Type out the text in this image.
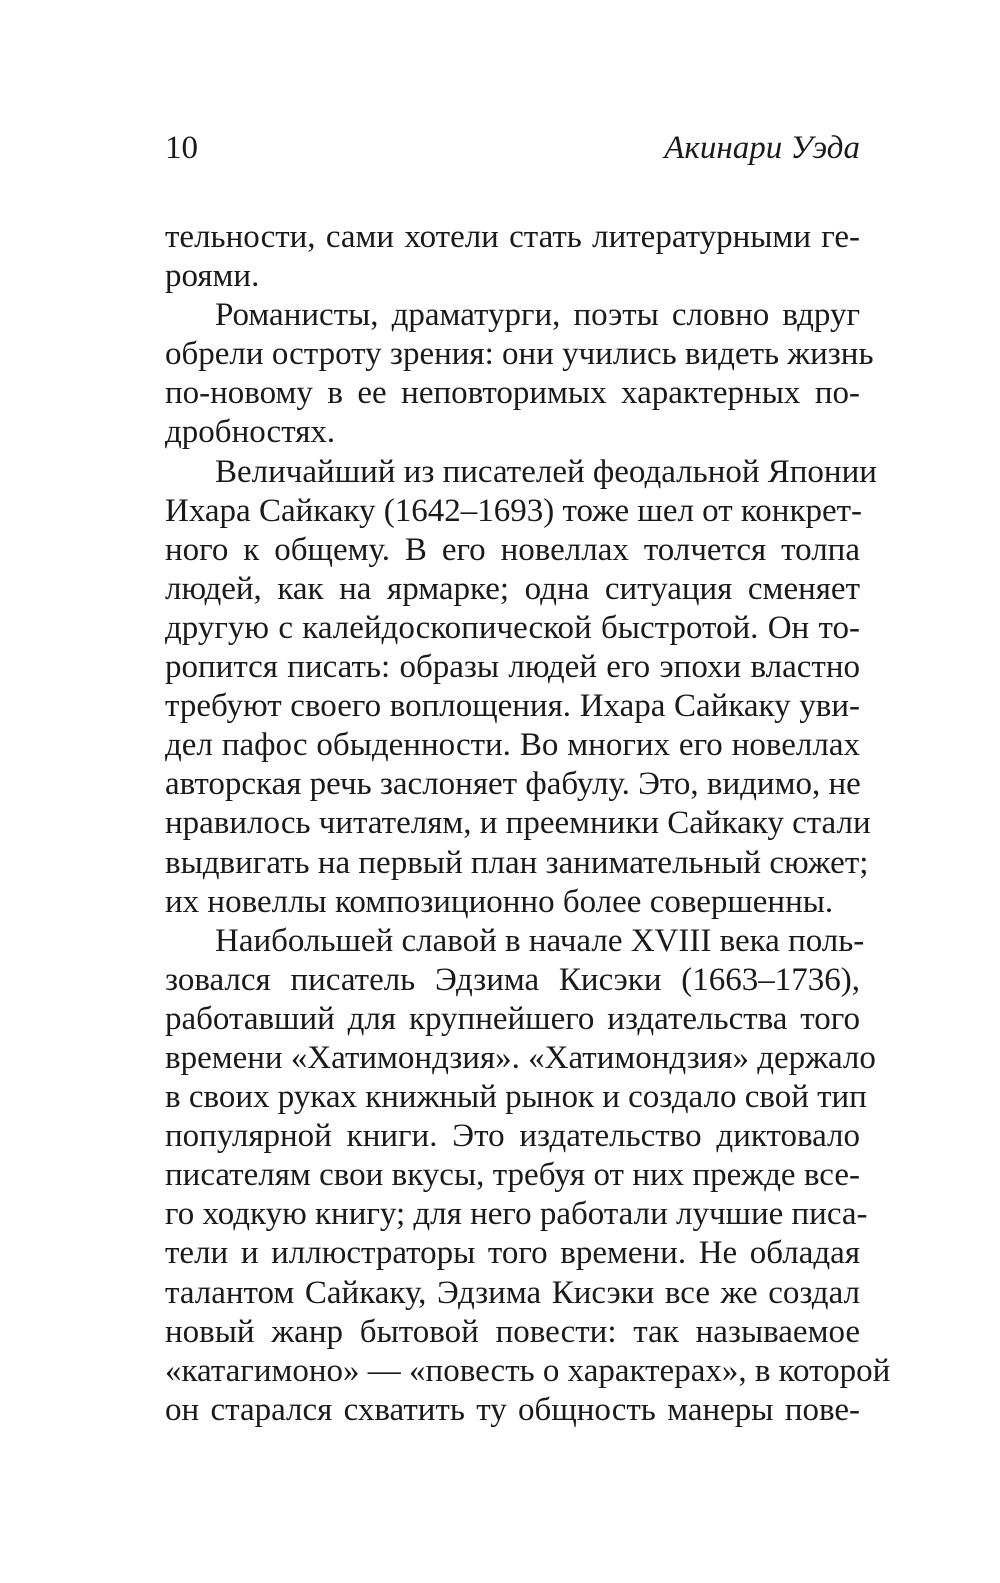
10	Акинари Уэда
тельности, сами хотели стать литературными ге-
роями.
Романисты, драматурги, поэты словно вдруг
обрели остроту зрения: они учились видеть жизнь
по-новому в ее неповторимых характерных по-
дробностях.
Величайший из писателей феодальной Японии
Ихара Сайкаку (1642–1693) тоже шел от конкрет-
ного к общему. В его новеллах толчется толпа
людей, как на ярмарке; одна ситуация сменяет
другую с калейдоскопической быстротой. Он то-
ропится писать: образы людей его эпохи властно
требуют своего воплощения. Ихара Сайкаку уви-
дел пафос обыденности. Во многих его новеллах
авторская речь заслоняет фабулу. Это, видимо, не
нравилось читателям, и преемники Сайкаку стали
выдвигать на первый план занимательный сюжет;
их новеллы композиционно более совершенны.
Наибольшей славой в начале XVIII века поль-
зовался писатель Эдзима Кисэки (1663–1736),
работавший для крупнейшего издательства того
времени «Хатимондзия». «Хатимондзия» держало
в своих руках книжный рынок и создало свой тип
популярной книги. Это издательство диктовало
писателям свои вкусы, требуя от них прежде все-
го ходкую книгу; для него работали лучшие писа-
тели и иллюстраторы того времени. Не обладая
талантом Сайкаку, Эдзима Кисэки все же создал
новый жанр бытовой повести: так называемое
«катагимоно» — «повесть о характерах», в которой
он старался схватить ту общность манеры пове-
